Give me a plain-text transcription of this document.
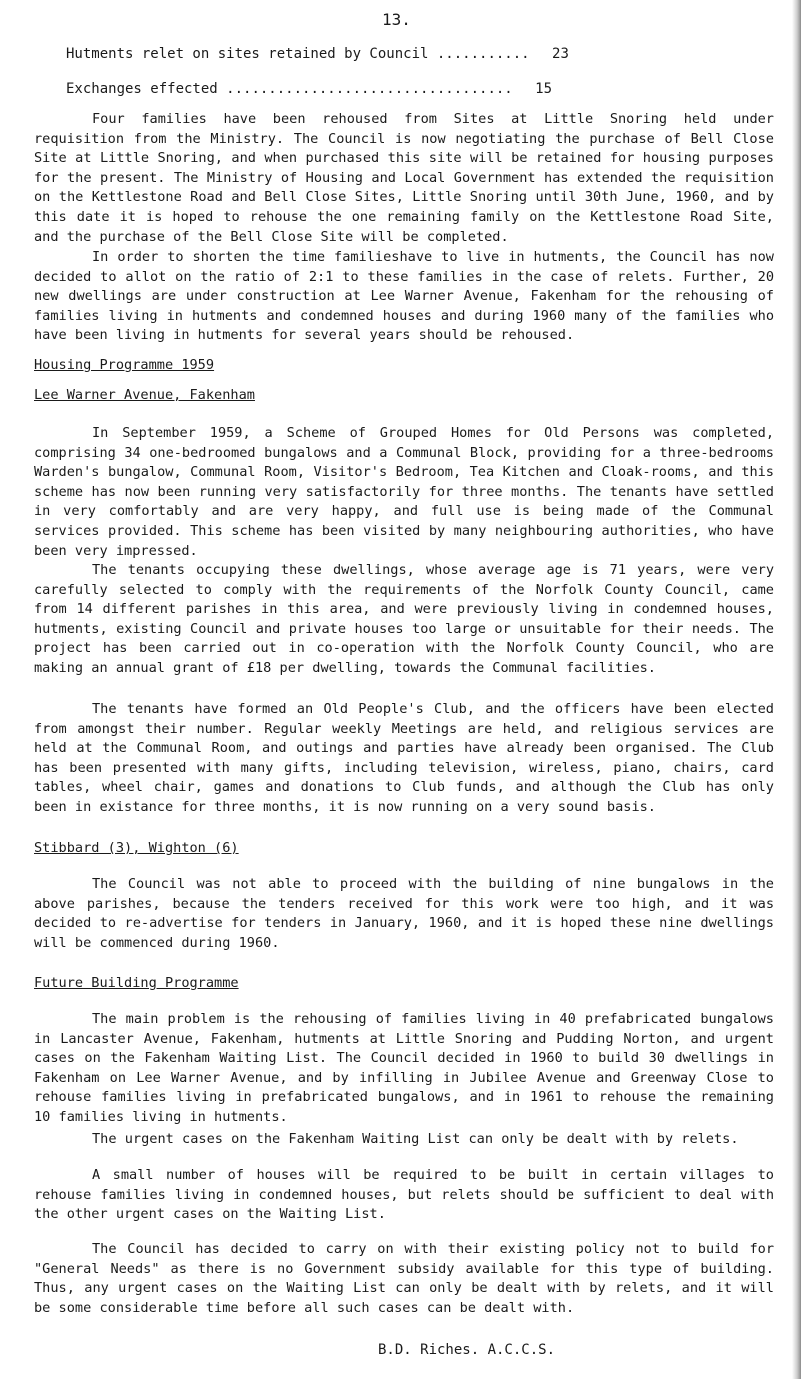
13.
Hutments relet on sites retained by Council ........... 23
Exchanges effected .................................. 15
Four families have been rehoused from Sites at Little Snoring held under requisition from the Ministry. The Council is now negotiating the purchase of Bell Close Site at Little Snoring, and when purchased this site will be retained for housing purposes for the present. The Ministry of Housing and Local Government has extended the requisition on the Kettlestone Road and Bell Close Sites, Little Snoring until 30th June, 1960, and by this date it is hoped to rehouse the one remaining family on the Kettlestone Road Site, and the purchase of the Bell Close Site will be completed.
In order to shorten the time familieshave to live in hutments, the Council has now decided to allot on the ratio of 2:1 to these families in the case of relets. Further, 20 new dwellings are under construction at Lee Warner Avenue, Fakenham for the rehousing of families living in hutments and condemned houses and during 1960 many of the families who have been living in hutments for several years should be rehoused.
Housing Programme 1959
Lee Warner Avenue, Fakenham
In September 1959, a Scheme of Grouped Homes for Old Persons was completed, comprising 34 one-bedroomed bungalows and a Communal Block, providing for a three-bedrooms Warden's bungalow, Communal Room, Visitor's Bedroom, Tea Kitchen and Cloak-rooms, and this scheme has now been running very satisfactorily for three months. The tenants have settled in very comfortably and are very happy, and full use is being made of the Communal services provided. This scheme has been visited by many neighbouring authorities, who have been very impressed.
The tenants occupying these dwellings, whose average age is 71 years, were very carefully selected to comply with the requirements of the Norfolk County Council, came from 14 different parishes in this area, and were previously living in condemned houses, hutments, existing Council and private houses too large or unsuitable for their needs. The project has been carried out in co-operation with the Norfolk County Council, who are making an annual grant of £18 per dwelling, towards the Communal facilities.
The tenants have formed an Old People's Club, and the officers have been elected from amongst their number. Regular weekly Meetings are held, and religious services are held at the Communal Room, and outings and parties have already been organised. The Club has been presented with many gifts, including television, wireless, piano, chairs, card tables, wheel chair, games and donations to Club funds, and although the Club has only been in existance for three months, it is now running on a very sound basis.
Stibbard (3), Wighton (6)
The Council was not able to proceed with the building of nine bungalows in the above parishes, because the tenders received for this work were too high, and it was decided to re-advertise for tenders in January, 1960, and it is hoped these nine dwellings will be commenced during 1960.
Future Building Programme
The main problem is the rehousing of families living in 40 prefabricated bungalows in Lancaster Avenue, Fakenham, hutments at Little Snoring and Pudding Norton, and urgent cases on the Fakenham Waiting List. The Council decided in 1960 to build 30 dwellings in Fakenham on Lee Warner Avenue, and by infilling in Jubilee Avenue and Greenway Close to rehouse families living in prefabricated bungalows, and in 1961 to rehouse the remaining 10 families living in hutments.
The urgent cases on the Fakenham Waiting List can only be dealt with by relets.
A small number of houses will be required to be built in certain villages to rehouse families living in condemned houses, but relets should be sufficient to deal with the other urgent cases on the Waiting List.
The Council has decided to carry on with their existing policy not to build for "General Needs" as there is no Government subsidy available for this type of building. Thus, any urgent cases on the Waiting List can only be dealt with by relets, and it will be some considerable time before all such cases can be dealt with.
B.D. Riches. A.C.C.S.
